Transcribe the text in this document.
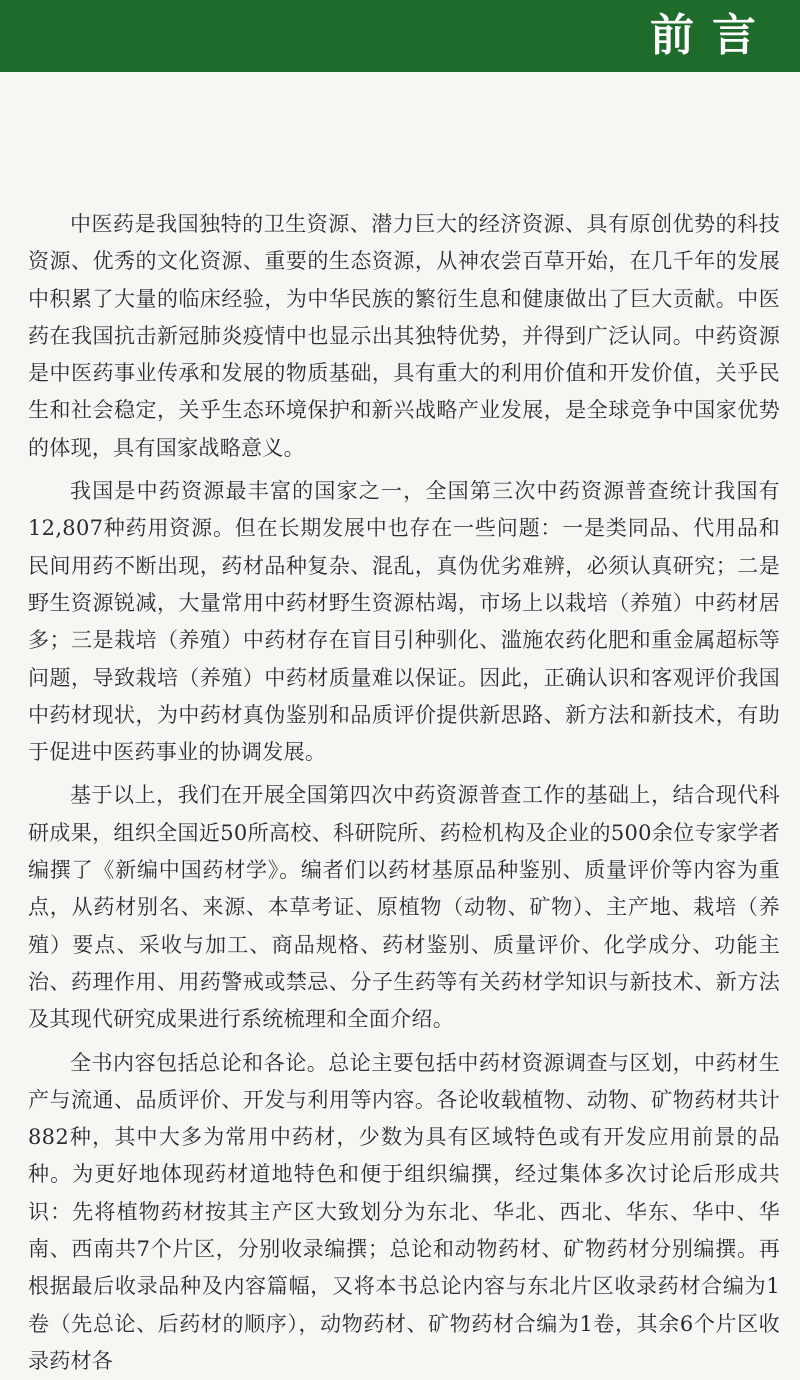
前言

中医药是我国独特的卫生资源、潜力巨大的经济资源、具有原创优势的科技资源、优秀的文化资源、重要的生态资源，从神农尝百草开始，在几千年的发展中积累了大量的临床经验，为中华民族的繁衍生息和健康做出了巨大贡献。中医药在我国抗击新冠肺炎疫情中也显示出其独特优势，并得到广泛认同。中药资源是中医药事业传承和发展的物质基础，具有重大的利用价值和开发价值，关乎民生和社会稳定，关乎生态环境保护和新兴战略产业发展，是全球竞争中国家优势的体现，具有国家战略意义。

我国是中药资源最丰富的国家之一，全国第三次中药资源普查统计我国有12,807种药用资源。但在长期发展中也存在一些问题：一是类同品、代用品和民间用药不断出现，药材品种复杂、混乱，真伪优劣难辨，必须认真研究；二是野生资源锐减，大量常用中药材野生资源枯竭，市场上以栽培（养殖）中药材居多；三是栽培（养殖）中药材存在盲目引种驯化、滥施农药化肥和重金属超标等问题，导致栽培（养殖）中药材质量难以保证。因此，正确认识和客观评价我国中药材现状，为中药材真伪鉴别和品质评价提供新思路、新方法和新技术，有助于促进中医药事业的协调发展。

基于以上，我们在开展全国第四次中药资源普查工作的基础上，结合现代科研成果，组织全国近50所高校、科研院所、药检机构及企业的500余位专家学者编撰了《新编中国药材学》。编者们以药材基原品种鉴别、质量评价等内容为重点，从药材别名、来源、本草考证、原植物（动物、矿物）、主产地、栽培（养殖）要点、采收与加工、商品规格、药材鉴别、质量评价、化学成分、功能主治、药理作用、用药警戒或禁忌、分子生药等有关药材学知识与新技术、新方法及其现代研究成果进行系统梳理和全面介绍。

全书内容包括总论和各论。总论主要包括中药材资源调查与区划，中药材生产与流通、品质评价、开发与利用等内容。各论收载植物、动物、矿物药材共计882种，其中大多为常用中药材，少数为具有区域特色或有开发应用前景的品种。为更好地体现药材道地特色和便于组织编撰，经过集体多次讨论后形成共识：先将植物药材按其主产区大致划分为东北、华北、西北、华东、华中、华南、西南共7个片区，分别收录编撰；总论和动物药材、矿物药材分别编撰。再根据最后收录品种及内容篇幅，又将本书总论内容与东北片区收录药材合编为1卷（先总论、后药材的顺序），动物药材、矿物药材合编为1卷，其余6个片区收录药材各
